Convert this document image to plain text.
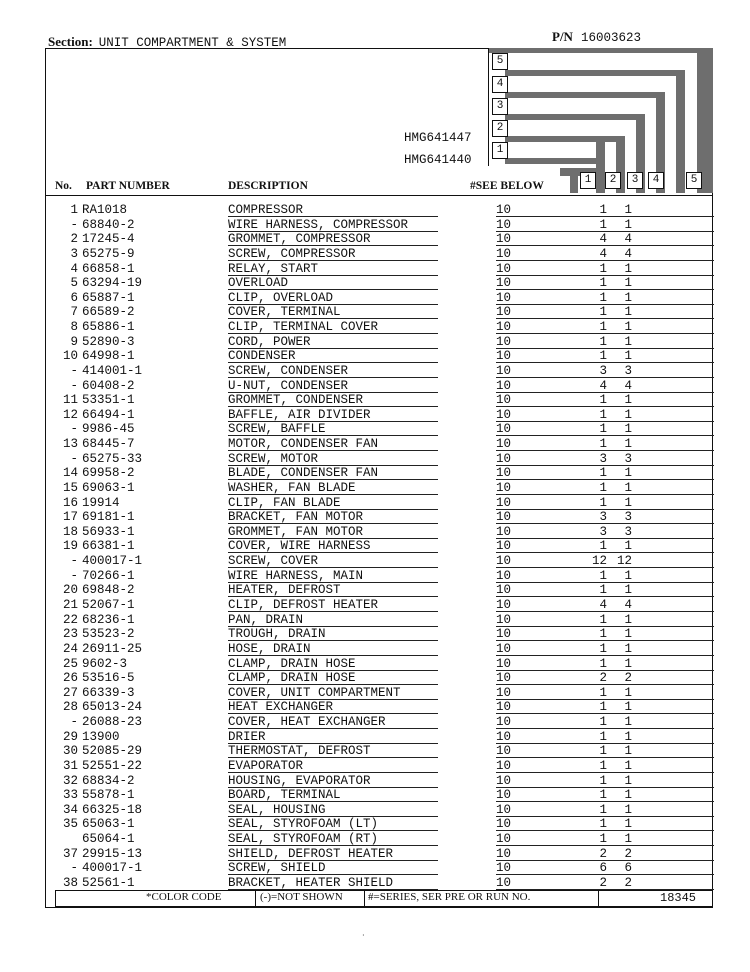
Section: UNIT COMPARTMENT & SYSTEM	P/N 16003623
5
4
3
2
1
1	2	3	4	5
HMG641447
HMG641440
No. PART NUMBER	DESCRIPTION	#SEE BELOW
1 RA1018	COMPRESSOR	10	1	1
- 68840-2	WIRE HARNESS, COMPRESSOR	10	1	1
2 17245-4	GROMMET, COMPRESSOR	10	4	4
3 65275-9	SCREW, COMPRESSOR	10	4	4
4 66858-1	RELAY, START	10	1	1
5 63294-19	OVERLOAD	10	1	1
6 65887-1	CLIP, OVERLOAD	10	1	1
7 66589-2	COVER, TERMINAL	10	1	1
8 65886-1	CLIP, TERMINAL COVER	10	1	1
9 52890-3	CORD, POWER	10	1	1
10 64998-1	CONDENSER	10	1	1
- 414001-1	SCREW, CONDENSER	10	3	3
- 60408-2	U-NUT, CONDENSER	10	4	4
11 53351-1	GROMMET, CONDENSER	10	1	1
12 66494-1	BAFFLE, AIR DIVIDER	10	1	1
- 9986-45	SCREW, BAFFLE	10	1	1
13 68445-7	MOTOR, CONDENSER FAN	10	1	1
- 65275-33	SCREW, MOTOR	10	3	3
14 69958-2	BLADE, CONDENSER FAN	10	1	1
15 69063-1	WASHER, FAN BLADE	10	1	1
16 19914	CLIP, FAN BLADE	10	1	1
17 69181-1	BRACKET, FAN MOTOR	10	3	3
18 56933-1	GROMMET, FAN MOTOR	10	3	3
19 66381-1	COVER, WIRE HARNESS	10	1	1
- 400017-1	SCREW, COVER	10	12 12
- 70266-1	WIRE HARNESS, MAIN	10	1	1
20 69848-2	HEATER, DEFROST	10	1	1
21 52067-1	CLIP, DEFROST HEATER	10	4	4
22 68236-1	PAN, DRAIN	10	1	1
23 53523-2	TROUGH, DRAIN	10	1	1
24 26911-25	HOSE, DRAIN	10	1	1
25 9602-3	CLAMP, DRAIN HOSE	10	1	1
26 53516-5	CLAMP, DRAIN HOSE	10	2	2
27 66339-3	COVER, UNIT COMPARTMENT	10	1	1
28 65013-24	HEAT EXCHANGER	10	1	1
- 26088-23	COVER, HEAT EXCHANGER	10	1	1
29 13900	DRIER	10	1	1
30 52085-29	THERMOSTAT, DEFROST	10	1	1
31 52551-22	EVAPORATOR	10	1	1
32 68834-2	HOUSING, EVAPORATOR	10	1	1
33 55878-1	BOARD, TERMINAL	10	1	1
34 66325-18	SEAL, HOUSING	10	1	1
35 65063-1	SEAL, STYROFOAM (LT)	10	1	1
65064-1	SEAL, STYROFOAM (RT)	10	1	1
37 29915-13	SHIELD, DEFROST HEATER	10	2	2
- 400017-1	SCREW, SHIELD	10	6	6
38 52561-1	BRACKET, HEATER SHIELD	10	2	2
*COLOR CODE	(-)=NOT SHOWN #=SERIES, SER PRE OR RUN NO.	18345
·
